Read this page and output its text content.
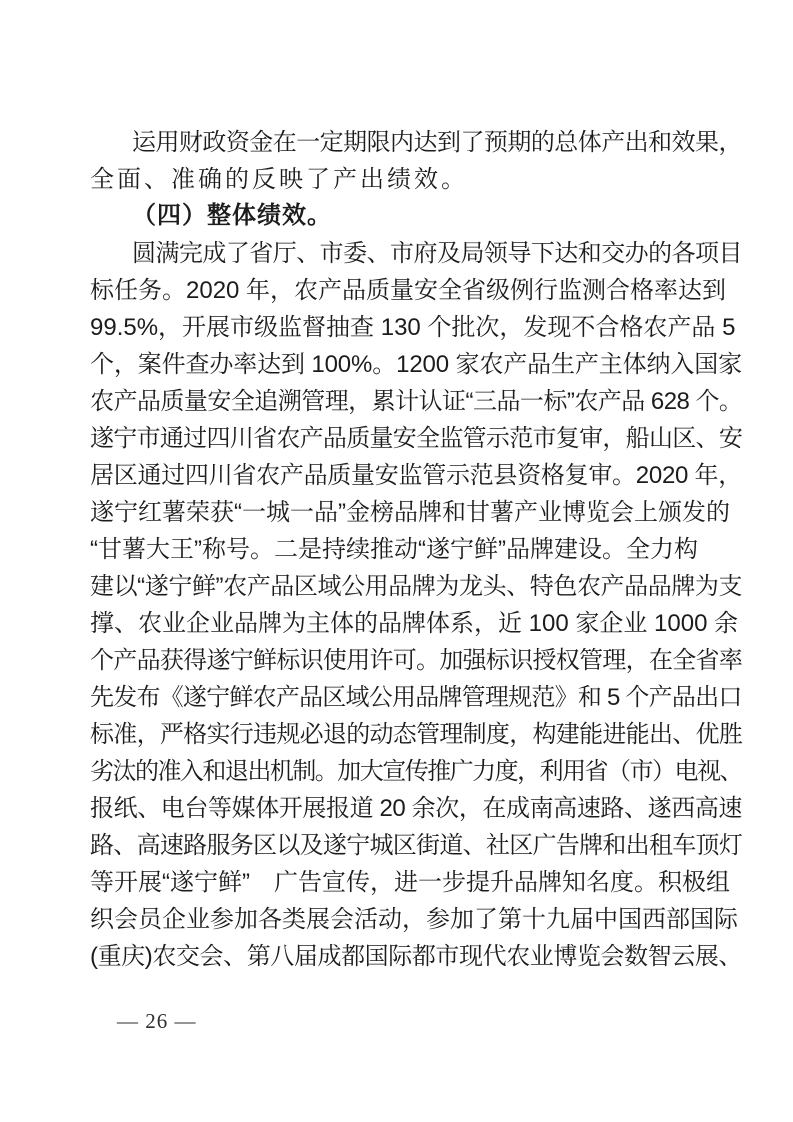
运用财政资金在一定期限内达到了预期的总体产出和效果，
全面、准确的反映了产出绩效。
（四）整体绩效。
圆满完成了省厅、市委、市府及局领导下达和交办的各项目
标任务。2020 年，农产品质量安全省级例行监测合格率达到
99.5%，开展市级监督抽查 130 个批次，发现不合格农产品 5
个，案件查办率达到 100%。1200 家农产品生产主体纳入国家
农产品质量安全追溯管理，累计认证“三品一标”农产品 628 个。
遂宁市通过四川省农产品质量安全监管示范市复审，船山区、安
居区通过四川省农产品质量安监管示范县资格复审。2020 年，
遂宁红薯荣获“一城一品”金榜品牌和甘薯产业博览会上颁发的
“甘薯大王”称号。二是持续推动“遂宁鲜”品牌建设。全力构
建以“遂宁鲜”农产品区域公用品牌为龙头、特色农产品品牌为支
撑、农业企业品牌为主体的品牌体系，近 100 家企业 1000 余
个产品获得遂宁鲜标识使用许可。加强标识授权管理，在全省率
先发布《遂宁鲜农产品区域公用品牌管理规范》和 5 个产品出口
标准，严格实行违规必退的动态管理制度，构建能进能出、优胜
劣汰的准入和退出机制。加大宣传推广力度，利用省（市）电视、
报纸、电台等媒体开展报道 20 余次，在成南高速路、遂西高速
路、高速路服务区以及遂宁城区街道、社区广告牌和出租车顶灯
等开展“遂宁鲜”　广告宣传，进一步提升品牌知名度。积极组
织会员企业参加各类展会活动，参加了第十九届中国西部国际
(重庆)农交会、第八届成都国际都市现代农业博览会数智云展、
— 26 —
